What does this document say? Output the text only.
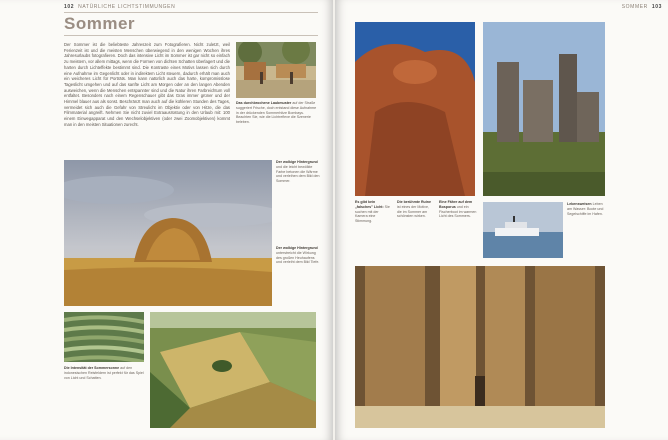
102 NATÜRLICHE LICHTSTIMMUNGEN
Sommer
Der Sommer ist die beliebteste Jahreszeit zum Fotografieren. Nicht zuletzt, weil Ferienzeit ist und die meisten Menschen überwiegend in den wenigen Wochen ihres Jahresurlaubs fotografieren. Doch das intensive Licht im Sommer ist gar nicht so einfach zu meistern, vor allem mittags, wenn die Formen von dichten Schatten überlagert und die harten durch Lichteffekte bestimmt sind. Die Kontraste eines Motivs lassen sich durch eine Aufnahme im Gegenlicht oder in indirektem Licht steuern, dadurch erhält man auch ein weicheres Licht für Porträts. Man kann natürlich auch das harte, kompromisslose Tageslicht umgehen und auf das sanfte Licht am Morgen oder an den langen Abenden ausweichen, wenn die Menschen entspannter sind und die Natur ihren Farbreichtum voll entfaltet. Besonders nach einem Regenschauer gibt das Gras immer grüner und der Himmel blauer aus als sonst. Beschränzt man auch auf die kühleren Stunden des Tages, vermeidet sich auch die Gefahr von Streulicht im Objektiv oder von Hitze, die das Filmmaterial angreift. Nehmen Sie nicht zuviel Extraausrüstung in den Urlaub mit: 100 einem Einwegapparat und den Wechselobjektiven (oder zwei Zoomobjektiven) kommt man in den meisten Situationen zurecht.
Das durchbrochene Laubmuster auf der Straße suggeriert Frische, doch entstand diese Aufnahme in der drückenden Sommerhitze Bombays. Beachten Sie, wie die Lichtreflexe die Szenerie beleben.
Der wolkige Hintergrund und die leicht bewölkte Farbe betonen die Wärme und verleihen dem Bild den Sommer.
Der wolkige Hintergrund unterstreicht die Wirkung des großen Heuhaufens und verleiht dem Bild Tiefe.
Die Intensität der Sommersonne auf den indonesischen Reisfeldern ist perfekt für das Spiel von Licht und Schatten.
SOMMER 103
Es gibt kein „falsches" Licht: Sie suchen mit der Kamera eine Stimmung.
Die berühmte Ruine ist eines der Motive, die im Sommer am schönsten wirken.
Eine Fähre auf dem Bosporus und ein Fischerboot im warmen Licht des Sommers.
Lebensweisen Leben am Wasser: Boote und Segelschiffe im Hafen.
